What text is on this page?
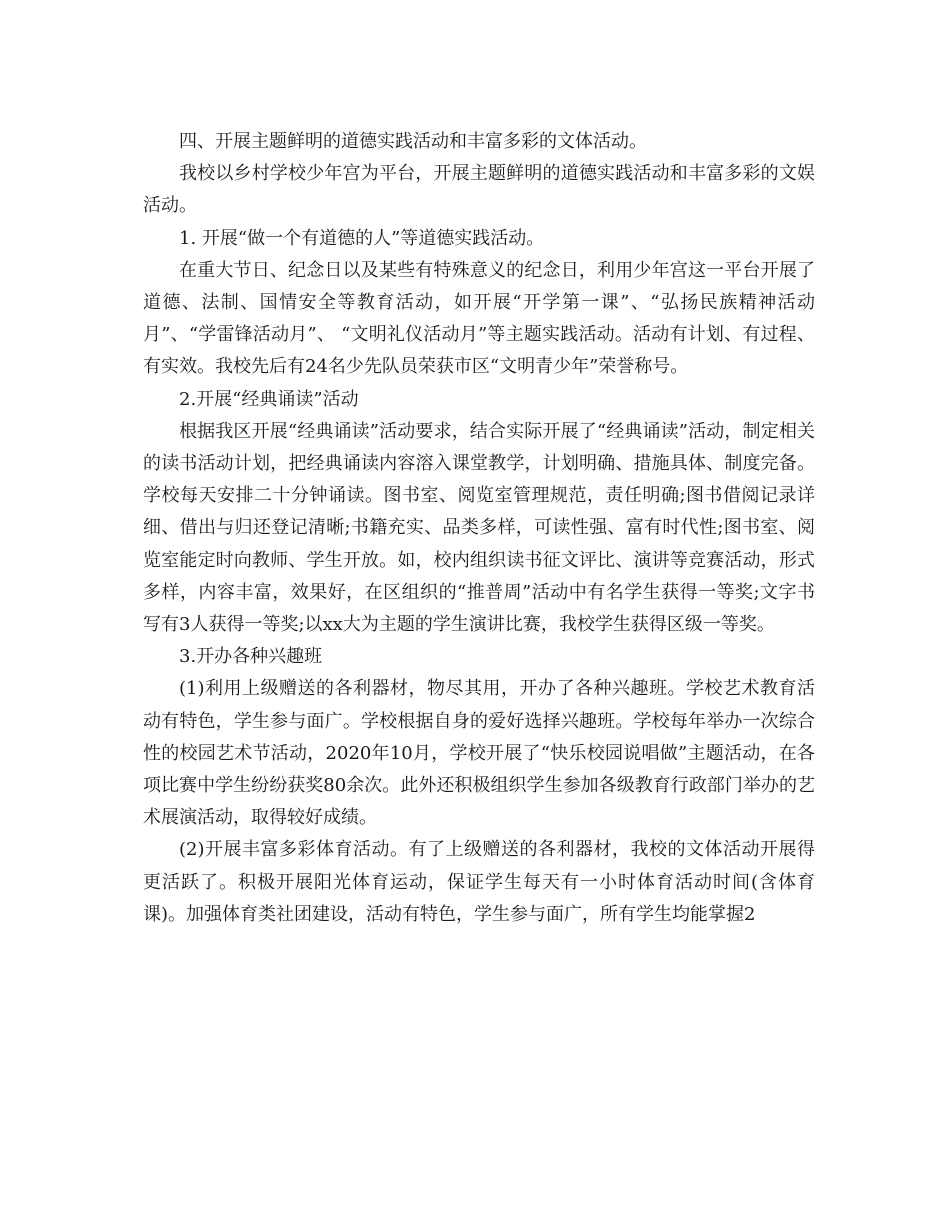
四、开展主题鲜明的道德实践活动和丰富多彩的文体活动。

我校以乡村学校少年宫为平台，开展主题鲜明的道德实践活动和丰富多彩的文娱活动。

1. 开展“做一个有道德的人”等道德实践活动。

在重大节日、纪念日以及某些有特殊意义的纪念日，利用少年宫这一平台开展了道德、法制、国情安全等教育活动，如开展“开学第一课”、“弘扬民族精神活动月”、“学雷锋活动月”、 “文明礼仪活动月”等主题实践活动。活动有计划、有过程、有实效。我校先后有24名少先队员荣获市区“文明青少年”荣誉称号。

2.开展“经典诵读”活动

根据我区开展“经典诵读”活动要求，结合实际开展了“经典诵读”活动，制定相关的读书活动计划，把经典诵读内容溶入课堂教学，计划明确、措施具体、制度完备。学校每天安排二十分钟诵读。图书室、阅览室管理规范，责任明确;图书借阅记录详细、借出与归还登记清晰;书籍充实、品类多样，可读性强、富有时代性;图书室、阅览室能定时向教师、学生开放。如，校内组织读书征文评比、演讲等竞赛活动，形式多样，内容丰富，效果好，在区组织的“推普周”活动中有名学生获得一等奖;文字书写有3人获得一等奖;以xx大为主题的学生演讲比赛，我校学生获得区级一等奖。

3.开办各种兴趣班

(1)利用上级赠送的各利器材，物尽其用，开办了各种兴趣班。学校艺术教育活动有特色，学生参与面广。学校根据自身的爱好选择兴趣班。学校每年举办一次综合性的校园艺术节活动，2020年10月，学校开展了“快乐校园说唱做”主题活动，在各项比赛中学生纷纷获奖80余次。此外还积极组织学生参加各级教育行政部门举办的艺术展演活动，取得较好成绩。

(2)开展丰富多彩体育活动。有了上级赠送的各利器材，我校的文体活动开展得更活跃了。积极开展阳光体育运动，保证学生每天有一小时体育活动时间(含体育课)。加强体育类社团建设，活动有特色，学生参与面广，所有学生均能掌握2
